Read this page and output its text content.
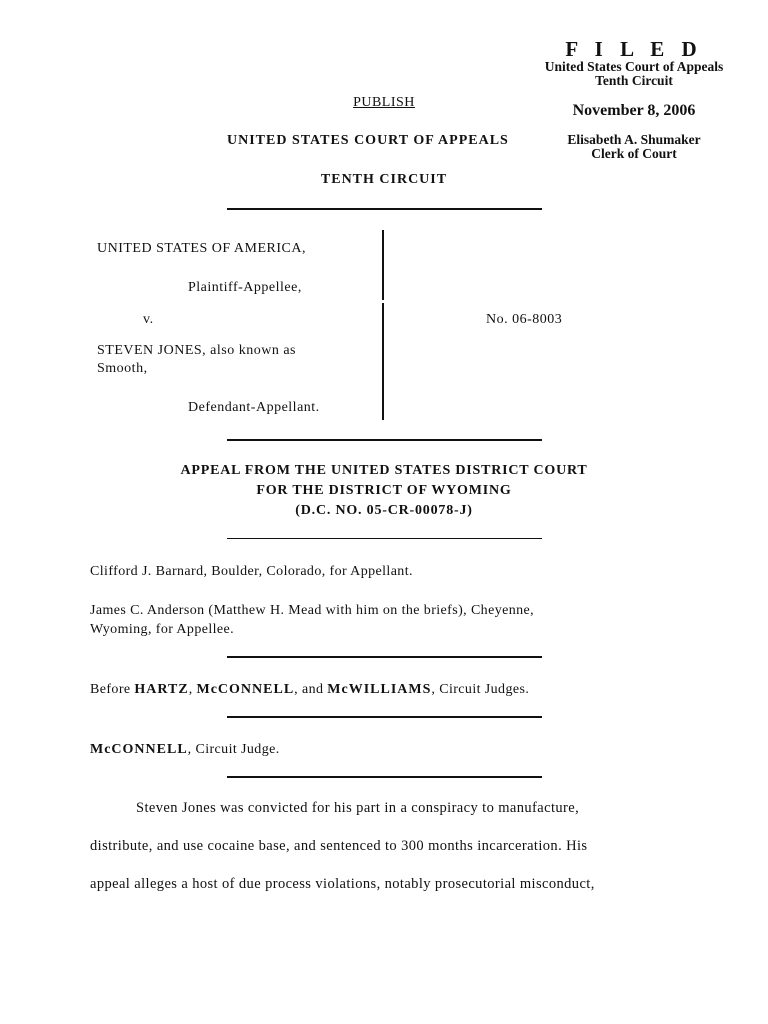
F I L E D
United States Court of Appeals
Tenth Circuit
November 8, 2006
Elisabeth A. Shumaker
Clerk of Court
PUBLISH
UNITED STATES COURT OF APPEALS
TENTH CIRCUIT
UNITED STATES OF AMERICA,
Plaintiff-Appellee,
v.	No. 06-8003
STEVEN JONES, also known as
Smooth,
Defendant-Appellant.
APPEAL FROM THE UNITED STATES DISTRICT COURT
FOR THE DISTRICT OF WYOMING
(D.C. NO. 05-CR-00078-J)
Clifford J. Barnard, Boulder, Colorado, for Appellant.
James C. Anderson (Matthew H. Mead with him on the briefs), Cheyenne,
Wyoming, for Appellee.
Before HARTZ, McCONNELL, and McWILLIAMS, Circuit Judges.
McCONNELL, Circuit Judge.
Steven Jones was convicted for his part in a conspiracy to manufacture,
distribute, and use cocaine base, and sentenced to 300 months incarceration. His
appeal alleges a host of due process violations, notably prosecutorial misconduct,
